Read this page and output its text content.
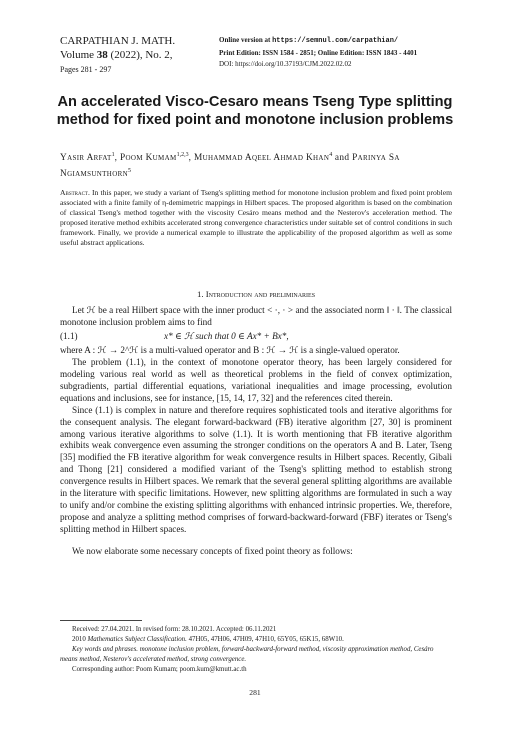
CARPATHIAN J. MATH.
Volume 38 (2022), No. 2,
Pages 281 - 297
Online version at https://semnul.com/carpathian/
Print Edition: ISSN 1584 - 2851; Online Edition: ISSN 1843 - 4401
DOI: https://doi.org/10.37193/CJM.2022.02.02
An accelerated Visco-Cesaro means Tseng Type splitting
method for fixed point and monotone inclusion problems
Yasir Arfat$^1$, Poom Kumam$^{1,2,3}$, Muhammad Aqeel Ahmad Khan$^4$ and Parinya Sa Ngiamsunthorn$^5$
Abstract. In this paper, we study a variant of Tseng's splitting method for monotone inclusion problem and fixed point problem associated with a finite family of η-demimetric mappings in Hilbert spaces. The proposed algorithm is based on the combination of classical Tseng's method together with the viscosity Cesáro means method and the Nesterov's acceleration method. The proposed iterative method exhibits accelerated strong convergence characteristics under suitable set of control conditions in such framework. Finally, we provide a numerical example to illustrate the applicability of the proposed algorithm as well as some useful abstract applications.
1. Introduction and preliminaries

Let ℋ be a real Hilbert space with the inner product < ·, · > and the associated norm ‖ · ‖. The classical monotone inclusion problem aims to find

(1.1)	x* ∈ ℋ such that 0 ∈ Ax* + Bx*,

where A : ℋ → 2^ℋ is a multi-valued operator and B : ℋ → ℋ is a single-valued operator.

The problem (1.1), in the context of monotone operator theory, has been largely considered for modeling various real world as well as theoretical problems in the field of convex optimization, subgradients, partial differential equations, variational inequalities and image processing, evolution equations and inclusions, see for instance, [15, 14, 17, 32] and the references cited therein.

Since (1.1) is complex in nature and therefore requires sophisticated tools and iterative algorithms for the consequent analysis. The elegant forward-backward (FB) iterative algorithm [27, 30] is prominent among various iterative algorithms to solve (1.1). It is worth mentioning that FB iterative algorithm exhibits weak convergence even assuming the stronger conditions on the operators A and B. Later, Tseng [35] modified the FB iterative algorithm for weak convergence results in Hilbert spaces. Recently, Gibali and Thong [21] considered a modified variant of the Tseng's splitting method to establish strong convergence results in Hilbert spaces. We remark that the several general splitting algorithms are available in the literature with specific limitations. However, new splitting algorithms are formulated in such a way to unify and/or combine the existing splitting algorithms with enhanced intrinsic properties. We, therefore, propose and analyze a splitting method comprises of forward-backward-forward (FBF) iterates or Tseng's splitting method in Hilbert spaces.

We now elaborate some necessary concepts of fixed point theory as follows:

Received: 27.04.2021. In revised form: 28.10.2021. Accepted: 06.11.2021

2010 Mathematics Subject Classification. 47H05, 47H06, 47H09, 47H10, 65Y05, 65K15, 68W10.

Key words and phrases. monotone inclusion problem, forward-backward-forward method, viscosity approximation method, Cesáro means method, Nesterov's accelerated method, strong convergence.

Corresponding author: Poom Kumam; poom.kum@kmutt.ac.th

281
